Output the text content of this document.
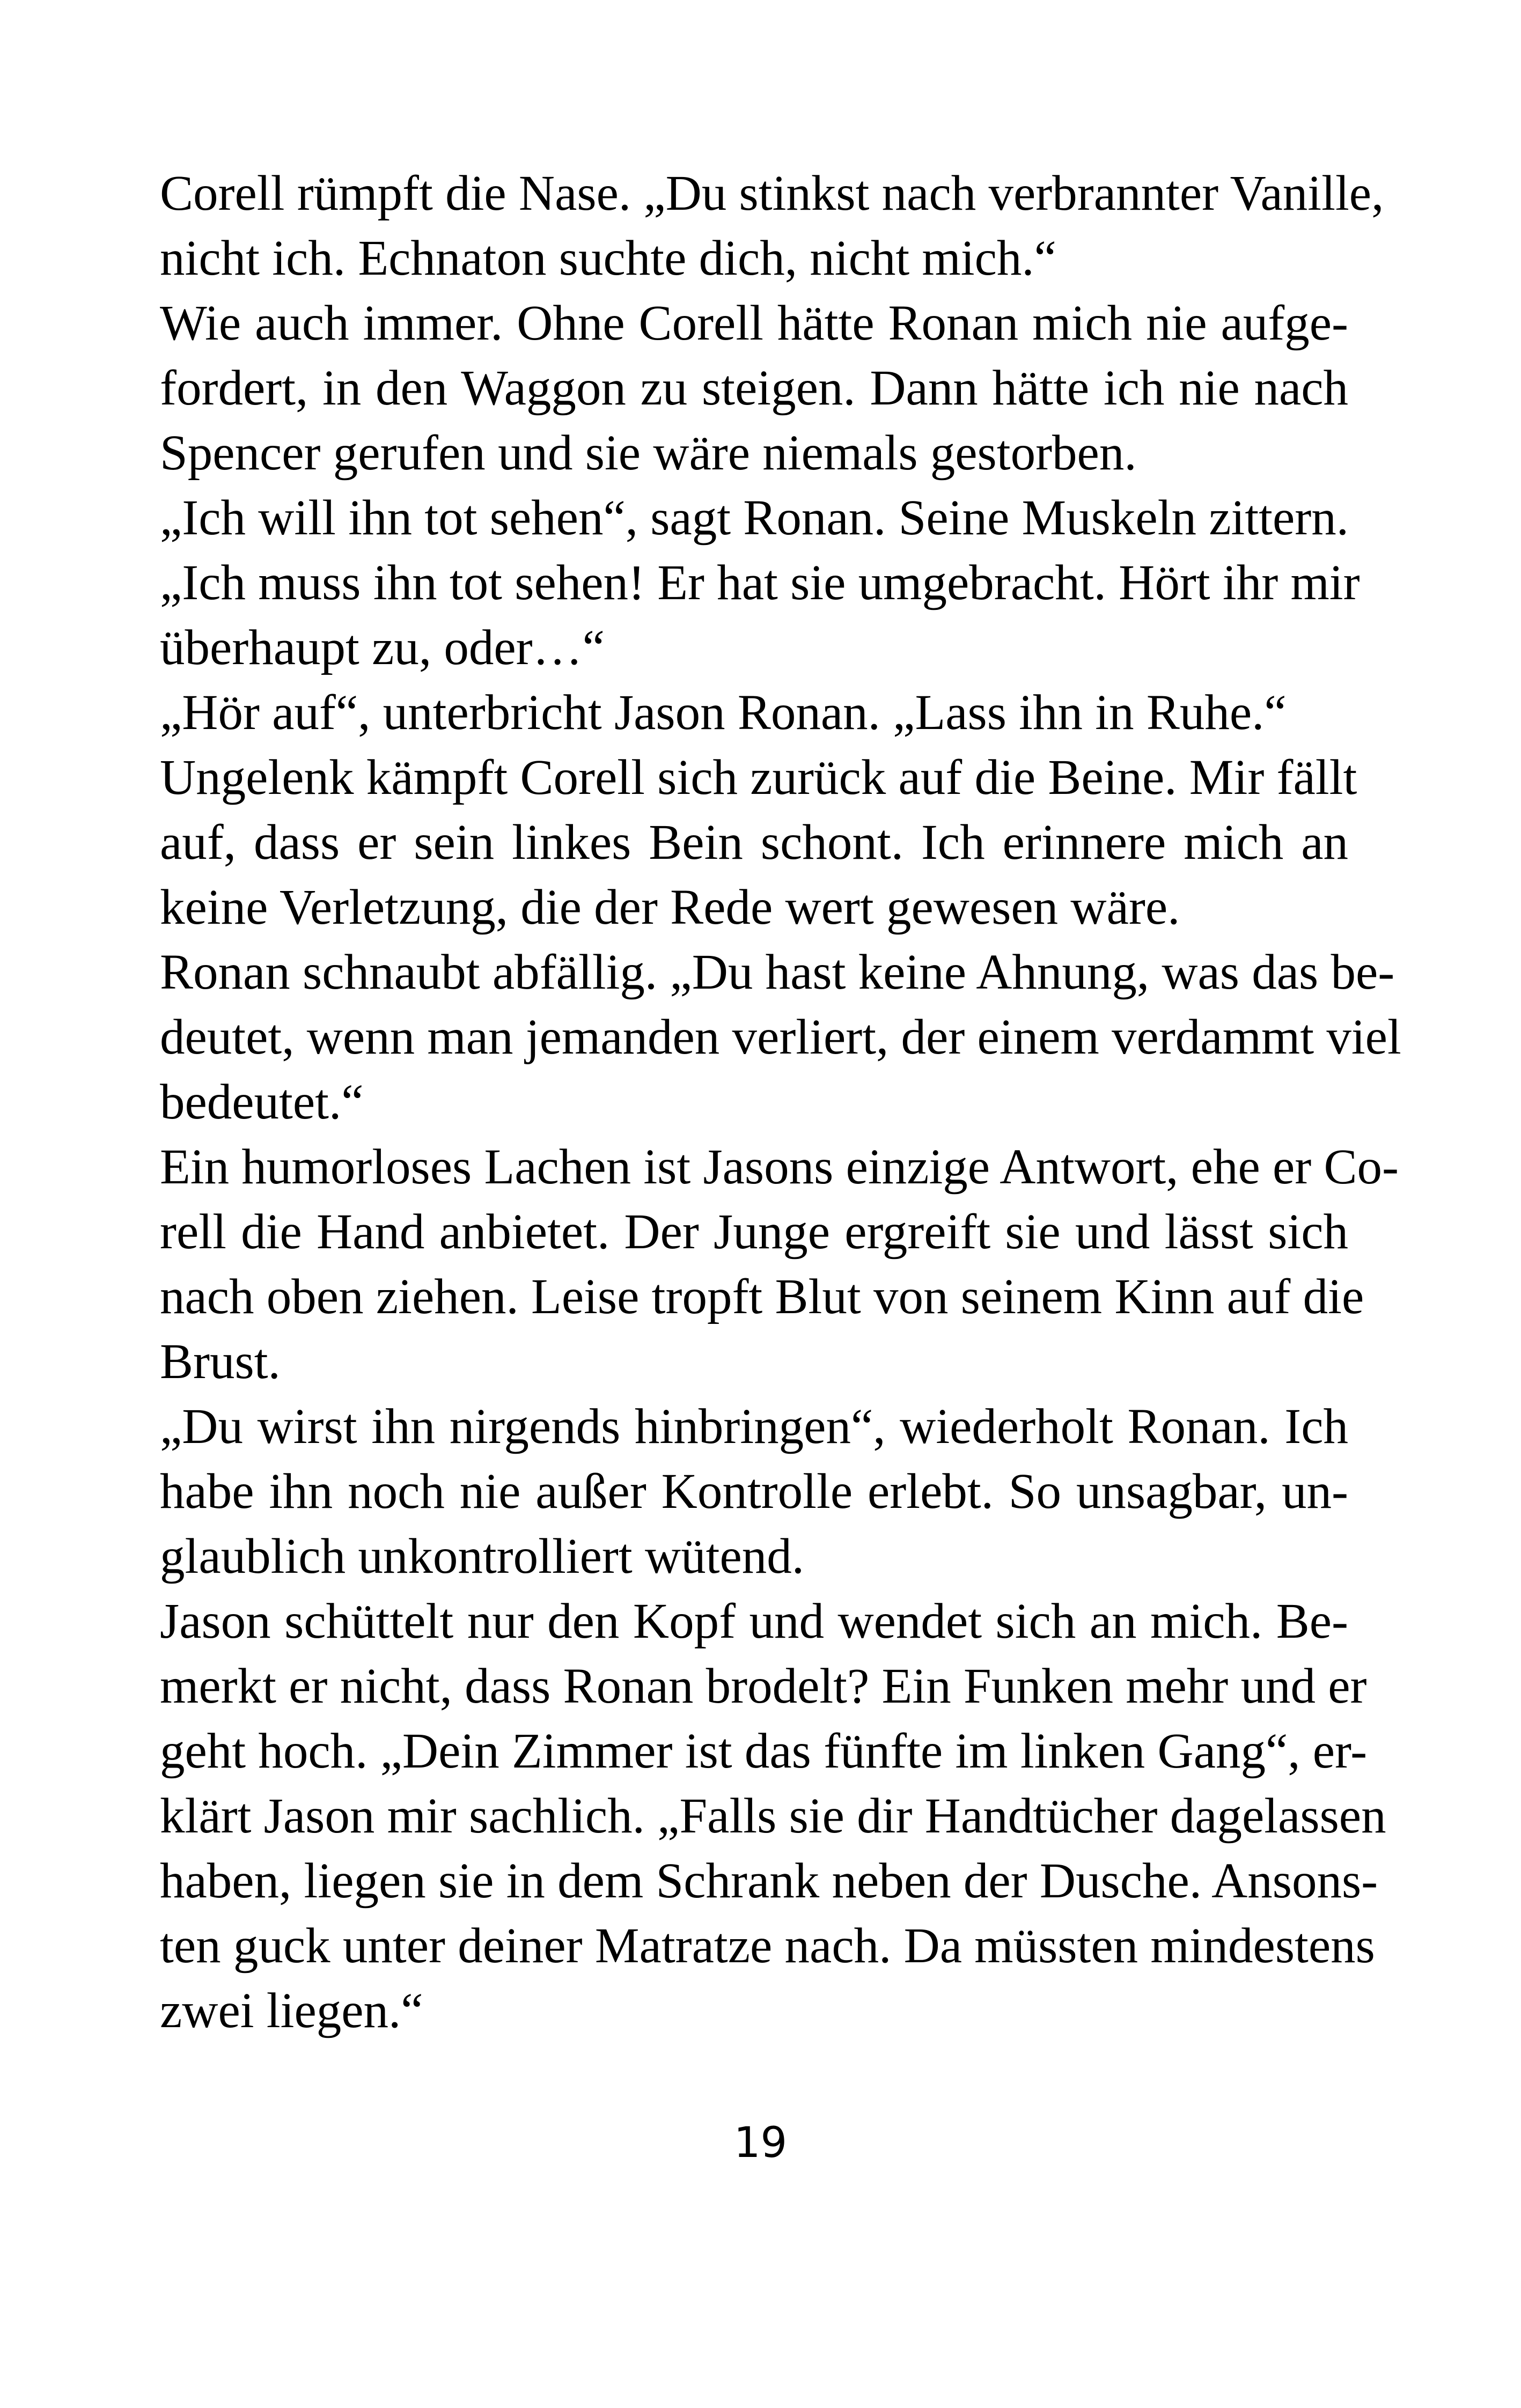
Corell rümpft die Nase. „Du stinkst nach verbrannter Vanille,
nicht ich. Echnaton suchte dich, nicht mich.“
Wie auch immer. Ohne Corell hätte Ronan mich nie aufge-
fordert, in den Waggon zu steigen. Dann hätte ich nie nach
Spencer gerufen und sie wäre niemals gestorben.
„Ich will ihn tot sehen“, sagt Ronan. Seine Muskeln zittern.
„Ich muss ihn tot sehen! Er hat sie umgebracht. Hört ihr mir
überhaupt zu, oder…“
„Hör auf“, unterbricht Jason Ronan. „Lass ihn in Ruhe.“
Ungelenk kämpft Corell sich zurück auf die Beine. Mir fällt
auf, dass er sein linkes Bein schont. Ich erinnere mich an
keine Verletzung, die der Rede wert gewesen wäre.
Ronan schnaubt abfällig. „Du hast keine Ahnung, was das be-
deutet, wenn man jemanden verliert, der einem verdammt viel
bedeutet.“
Ein humorloses Lachen ist Jasons einzige Antwort, ehe er Co-
rell die Hand anbietet. Der Junge ergreift sie und lässt sich
nach oben ziehen. Leise tropft Blut von seinem Kinn auf die
Brust.
„Du wirst ihn nirgends hinbringen“, wiederholt Ronan. Ich
habe ihn noch nie außer Kontrolle erlebt. So unsagbar, un-
glaublich unkontrolliert wütend.
Jason schüttelt nur den Kopf und wendet sich an mich. Be-
merkt er nicht, dass Ronan brodelt? Ein Funken mehr und er
geht hoch. „Dein Zimmer ist das fünfte im linken Gang“, er-
klärt Jason mir sachlich. „Falls sie dir Handtücher dagelassen
haben, liegen sie in dem Schrank neben der Dusche. Ansons-
ten guck unter deiner Matratze nach. Da müssten mindestens
zwei liegen.“
19
